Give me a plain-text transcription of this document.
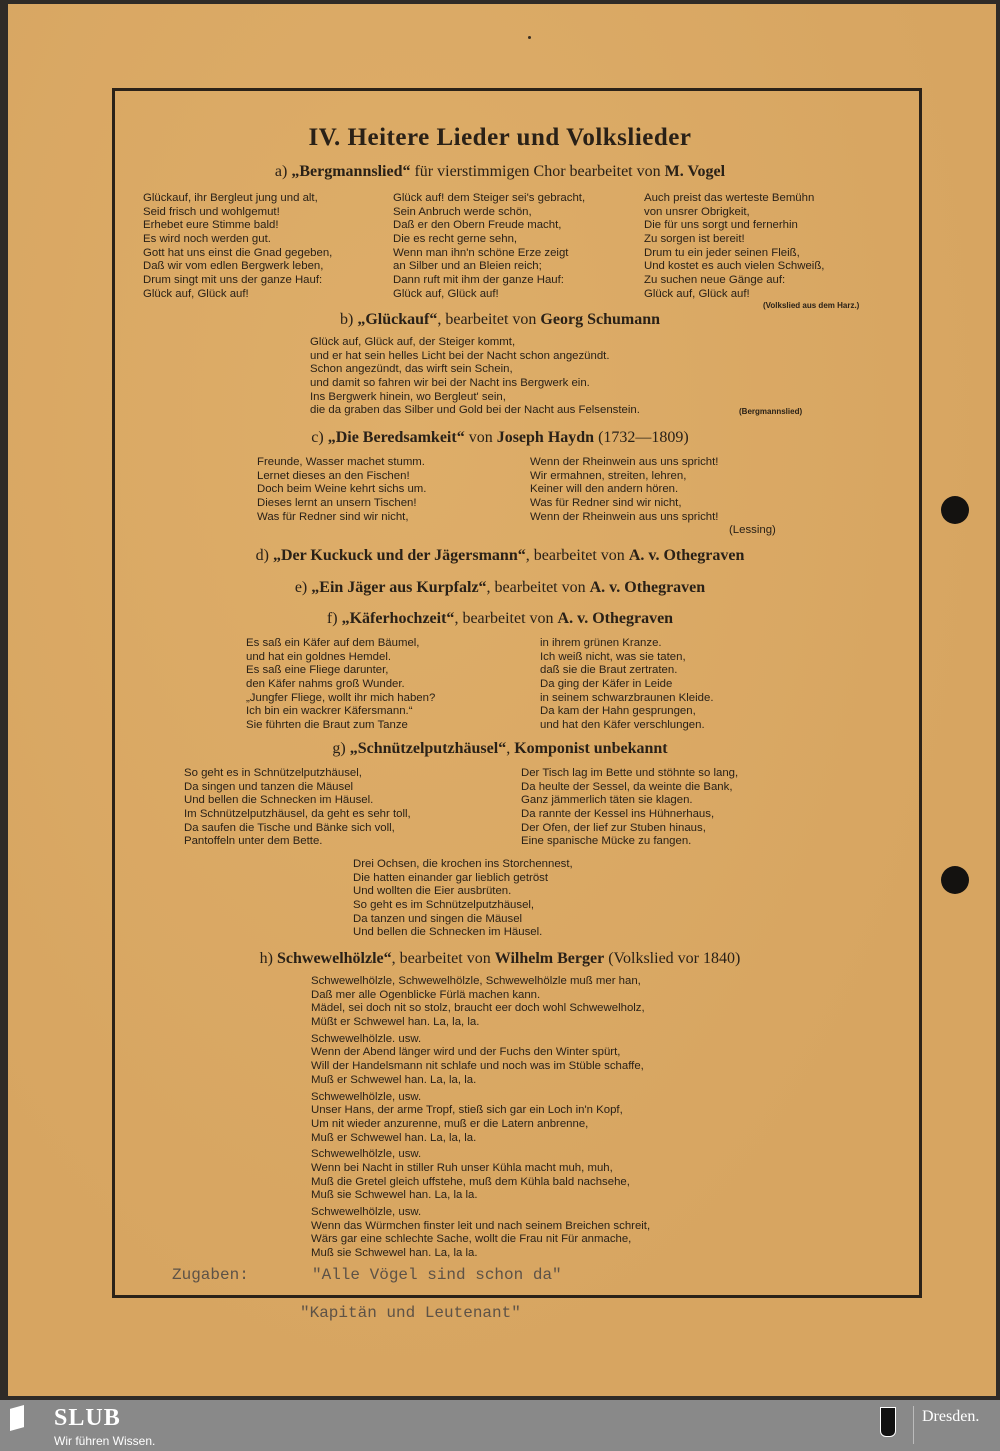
IV. Heitere Lieder und Volkslieder
a) „Bergmannslied“ für vierstimmigen Chor bearbeitet von M. Vogel
Glückauf, ihr Bergleut jung und alt,
Seid frisch und wohlgemut!
Erhebet eure Stimme bald!
Es wird noch werden gut.
Gott hat uns einst die Gnad gegeben,
Daß wir vom edlen Bergwerk leben,
Drum singt mit uns der ganze Hauf:
Glück auf, Glück auf!
Glück auf! dem Steiger sei's gebracht,
Sein Anbruch werde schön,
Daß er den Obern Freude macht,
Die es recht gerne sehn,
Wenn man ihn'n schöne Erze zeigt
an Silber und an Bleien reich;
Dann ruft mit ihm der ganze Hauf:
Glück auf, Glück auf!
Auch preist das werteste Bemühn
von unsrer Obrigkeit,
Die für uns sorgt und fernerhin
Zu sorgen ist bereit!
Drum tu ein jeder seinen Fleiß,
Und kostet es auch vielen Schweiß,
Zu suchen neue Gänge auf:
Glück auf, Glück auf!
(Volkslied aus dem Harz.)
b) „Glückauf“, bearbeitet von Georg Schumann
Glück auf, Glück auf, der Steiger kommt,
und er hat sein helles Licht bei der Nacht schon angezündt.
Schon angezündt, das wirft sein Schein,
und damit so fahren wir bei der Nacht ins Bergwerk ein.
Ins Bergwerk hinein, wo Bergleut' sein,
die da graben das Silber und Gold bei der Nacht aus Felsenstein.	(Bergmannslied)
c) „Die Beredsamkeit“ von Joseph Haydn (1732—1809)
Freunde, Wasser machet stumm.
Lernet dieses an den Fischen!
Doch beim Weine kehrt sichs um.
Dieses lernt an unsern Tischen!
Was für Redner sind wir nicht,
Wenn der Rheinwein aus uns spricht!
Wir ermahnen, streiten, lehren,
Keiner will den andern hören.
Was für Redner sind wir nicht,
Wenn der Rheinwein aus uns spricht!
(Lessing)
d) „Der Kuckuck und der Jägersmann“, bearbeitet von A. v. Othegraven
e) „Ein Jäger aus Kurpfalz“, bearbeitet von A. v. Othegraven
f) „Käferhochzeit“, bearbeitet von A. v. Othegraven
Es saß ein Käfer auf dem Bäumel,
und hat ein goldnes Hemdel.
Es saß eine Fliege darunter,
den Käfer nahms groß Wunder.
„Jungfer Fliege, wollt ihr mich haben?
Ich bin ein wackrer Käfersmann.“
Sie führten die Braut zum Tanze
in ihrem grünen Kranze.
Ich weiß nicht, was sie taten,
daß sie die Braut zertraten.
Da ging der Käfer in Leide
in seinem schwarzbraunen Kleide.
Da kam der Hahn gesprungen,
und hat den Käfer verschlungen.
g) „Schnützelputzhäusel“, Komponist unbekannt
So geht es in Schnützelputzhäusel,
Da singen und tanzen die Mäusel
Und bellen die Schnecken im Häusel.
Im Schnützelputzhäusel, da geht es sehr toll,
Da saufen die Tische und Bänke sich voll,
Pantoffeln unter dem Bette.
Der Tisch lag im Bette und stöhnte so lang,
Da heulte der Sessel, da weinte die Bank,
Ganz jämmerlich täten sie klagen.
Da rannte der Kessel ins Hühnerhaus,
Der Ofen, der lief zur Stuben hinaus,
Eine spanische Mücke zu fangen.
Drei Ochsen, die krochen ins Storchennest,
Die hatten einander gar lieblich getröst
Und wollten die Eier ausbrüten.
So geht es im Schnützelputzhäusel,
Da tanzen und singen die Mäusel
Und bellen die Schnecken im Häusel.
h) Schwewelhölzle“, bearbeitet von Wilhelm Berger (Volkslied vor 1840)
Schwewelhölzle, Schwewelhölzle, Schwewelhölzle muß mer han,
Daß mer alle Ogenblicke Fürlä machen kann.
Mädel, sei doch nit so stolz, braucht eer doch wohl Schwewelholz,
Müßt er Schwewel han. La, la, la.
Schwewelhölzle. usw.
Wenn der Abend länger wird und der Fuchs den Winter spürt,
Will der Handelsmann nit schlafe und noch was im Stüble schaffe,
Muß er Schwewel han. La, la, la.
Schwewelhölzle, usw.
Unser Hans, der arme Tropf, stieß sich gar ein Loch in'n Kopf,
Um nit wieder anzurenne, muß er die Latern anbrenne,
Muß er Schwewel han. La, la, la.
Schwewelhölzle, usw.
Wenn bei Nacht in stiller Ruh unser Kühla macht muh, muh,
Muß die Gretel gleich uffstehe, muß dem Kühla bald nachsehe,
Muß sie Schwewel han. La, la la.
Schwewelhölzle, usw.
Wenn das Würmchen finster leit und nach seinem Breichen schreit,
Wärs gar eine schlechte Sache, wollt die Frau nit Für anmache,
Muß sie Schwewel han. La, la la.
Zugaben:	"Alle Vögel sind schon da"
"Kapitän und Leutenant"
SLUB
Wir führen Wissen.
Dresden.
